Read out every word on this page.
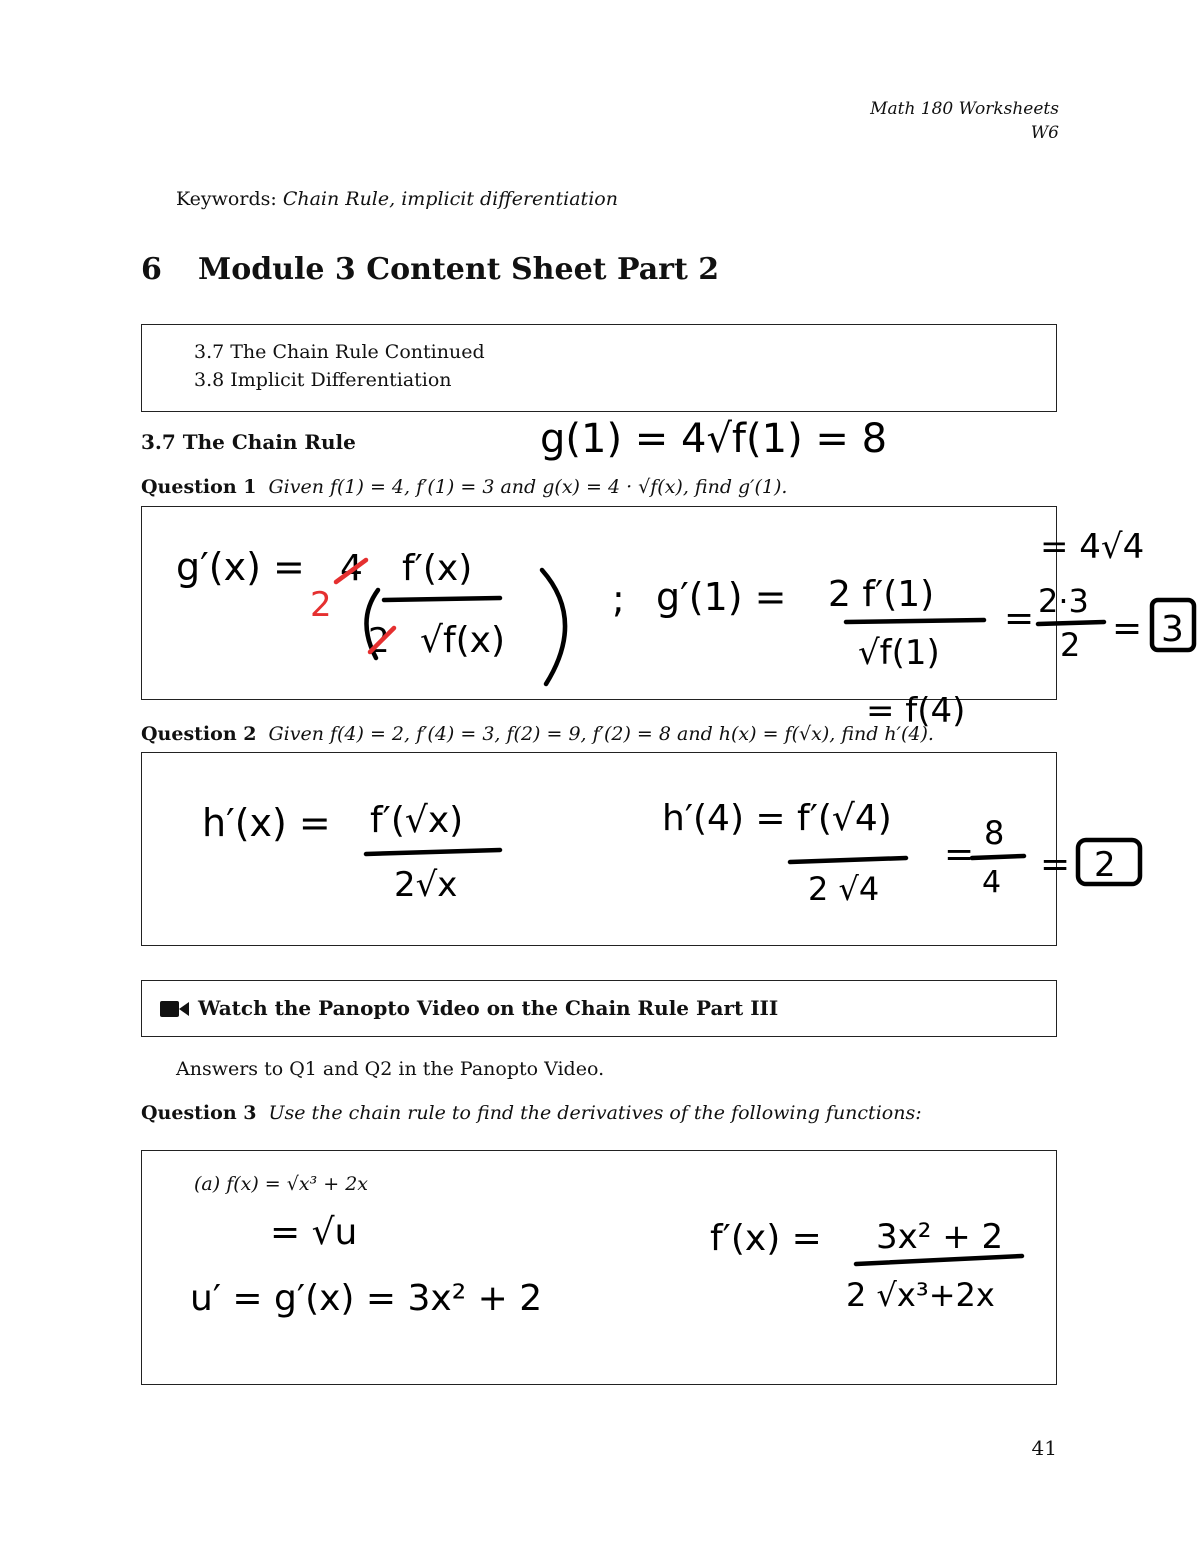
Math 180 Worksheets
W6
Keywords: Chain Rule, implicit differentiation
6 Module 3 Content Sheet Part 2
3.7 The Chain Rule Continued
3.8 Implicit Differentiation
3.7 The Chain Rule
Question 1 Given f(1) = 4, f′(1) = 3 and g(x) = 4 · √f(x), find g′(1).
Question 2 Given f(4) = 2, f′(4) = 3, f(2) = 9, f′(2) = 8 and h(x) = f(√x), find h′(4).
Watch the Panopto Video on the Chain Rule Part III
Answers to Q1 and Q2 in the Panopto Video.
Question 3 Use the chain rule to find the derivatives of the following functions:
(a) f(x) = √x³ + 2x
41
g(1) = 4√f(1) = 8
g′(x) = 4
2
f′(x)
2 √f(x)
; g′(1) = 2 f′(1)
√f(1)
= 2·3
2 = 3
= 4√4
= f(4)
h′(x) = f′(√x)
2√x
h′(4) = f′(√4)
2 √4
=
8
4 = 2
= √u
u′ = g′(x) = 3x² + 2
f′(x) = 3x² + 2
2 √x³+2x
